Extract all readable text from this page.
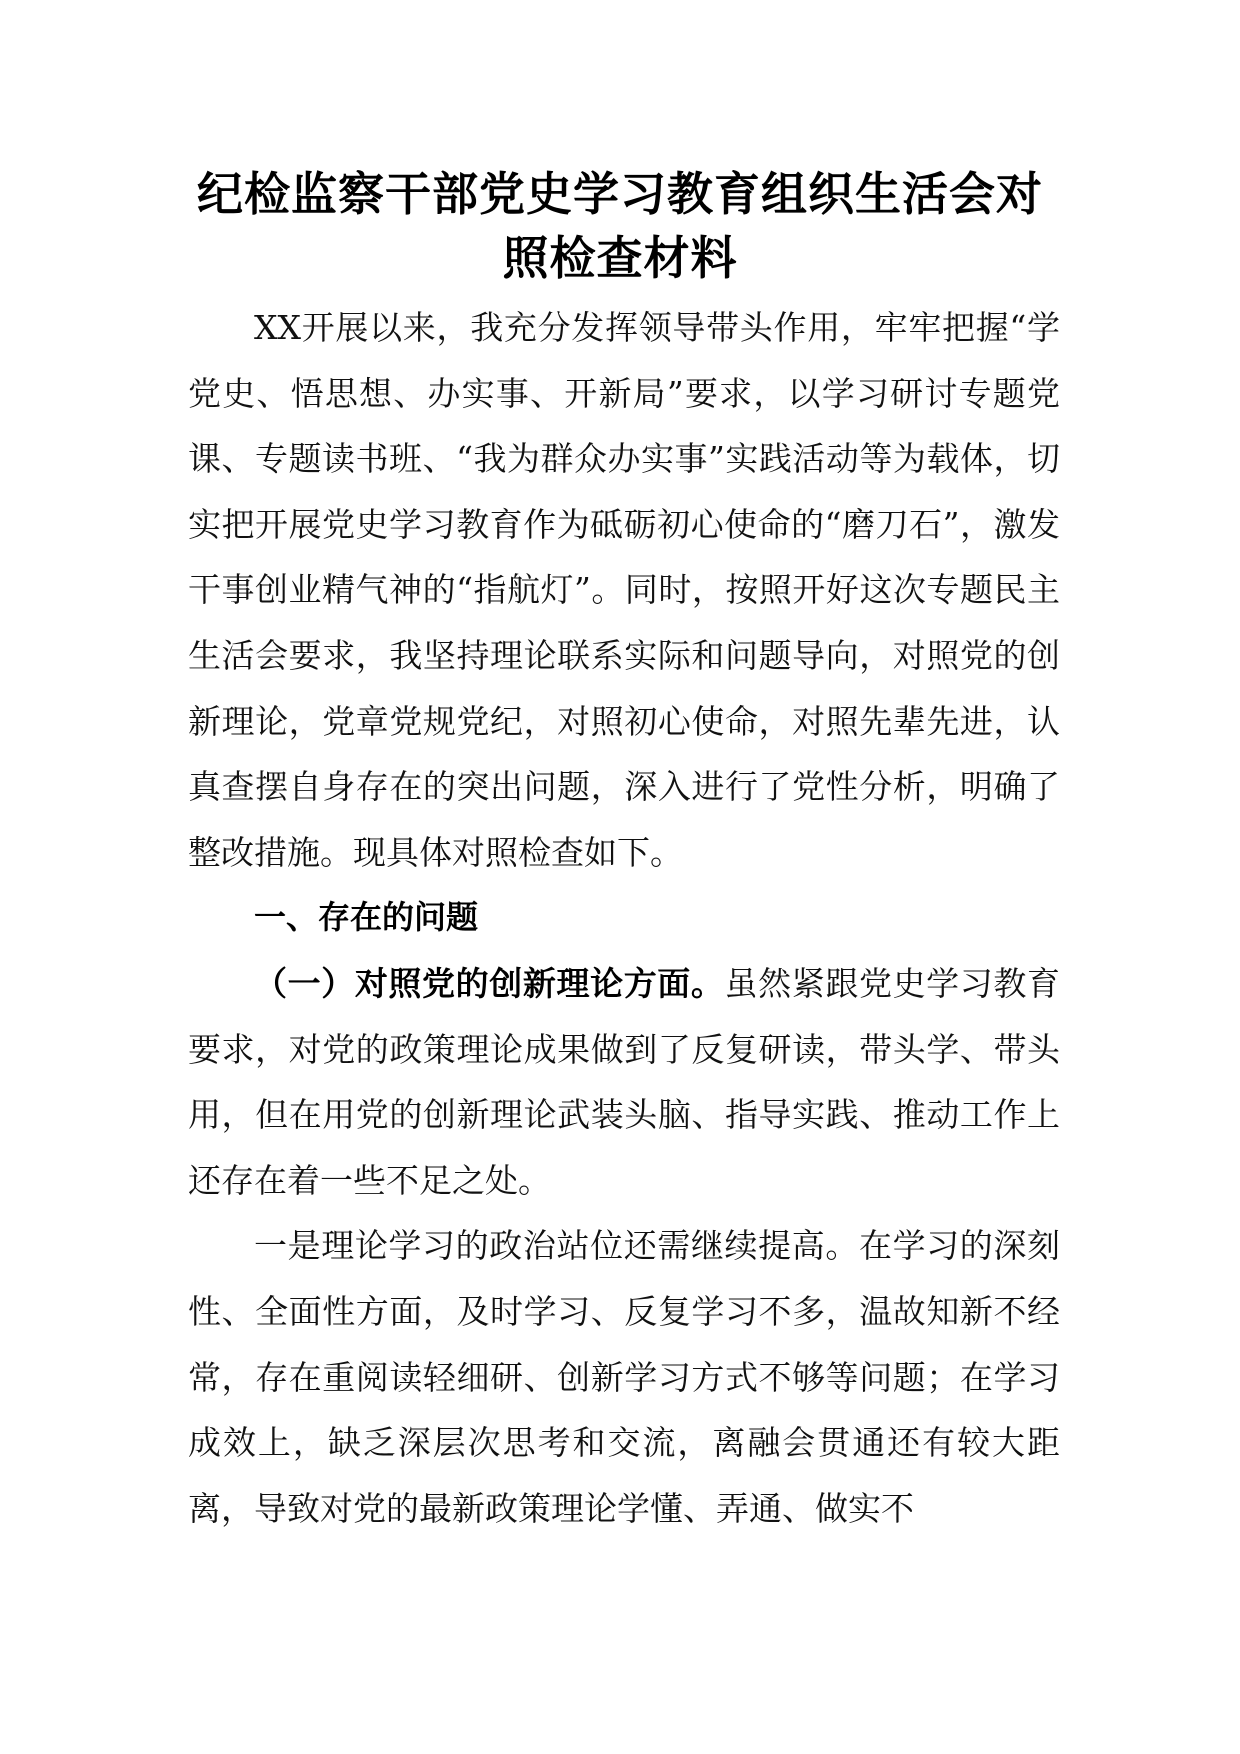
纪检监察干部党史学习教育组织生活会对
照检查材料

XX开展以来，我充分发挥领导带头作用，牢牢把握“学党史、悟思想、办实事、开新局”要求，以学习研讨专题党课、专题读书班、“我为群众办实事”实践活动等为载体，切实把开展党史学习教育作为砥砺初心使命的“磨刀石”，激发干事创业精气神的“指航灯”。同时，按照开好这次专题民主生活会要求，我坚持理论联系实际和问题导向，对照党的创新理论，党章党规党纪，对照初心使命，对照先辈先进，认真查摆自身存在的突出问题，深入进行了党性分析，明确了整改措施。现具体对照检查如下。

一、存在的问题

（一）对照党的创新理论方面。虽然紧跟党史学习教育要求，对党的政策理论成果做到了反复研读，带头学、带头用，但在用党的创新理论武装头脑、指导实践、推动工作上还存在着一些不足之处。

一是理论学习的政治站位还需继续提高。在学习的深刻性、全面性方面，及时学习、反复学习不多，温故知新不经常，存在重阅读轻细研、创新学习方式不够等问题；在学习成效上，缺乏深层次思考和交流，离融会贯通还有较大距离，导致对党的最新政策理论学懂、弄通、做实不
